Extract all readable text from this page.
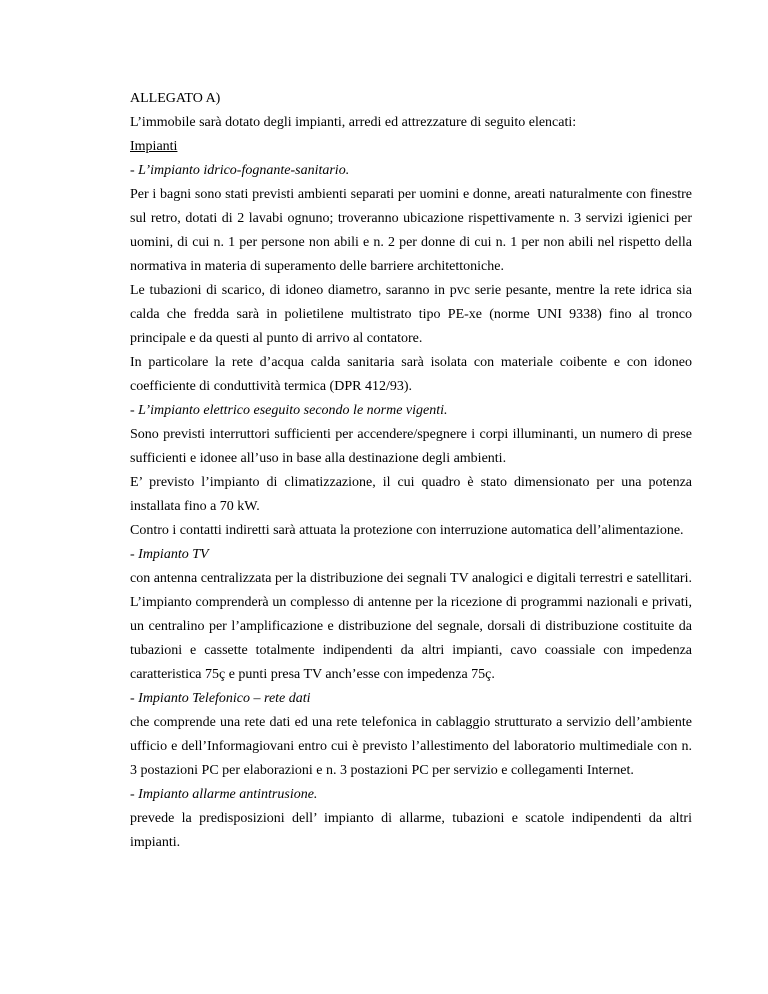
ALLEGATO A)

L’immobile sarà dotato degli impianti, arredi ed attrezzature di seguito elencati:

Impianti

- L’impianto idrico-fognante-sanitario.

Per i bagni sono stati previsti ambienti separati per uomini e donne, areati naturalmente con finestre sul retro, dotati di 2 lavabi ognuno; troveranno ubicazione rispettivamente n. 3 servizi igienici per uomini, di cui n. 1 per persone non abili e n. 2 per donne di cui n. 1 per non abili nel rispetto della normativa in materia di superamento delle barriere architettoniche.

Le tubazioni di scarico, di idoneo diametro, saranno in pvc serie pesante, mentre la rete idrica sia calda che fredda sarà in polietilene multistrato tipo PE-xe (norme UNI 9338) fino al tronco principale e da questi al punto di arrivo al contatore.

In particolare la rete d’acqua calda sanitaria sarà isolata con materiale coibente e con idoneo coefficiente di conduttività termica (DPR 412/93).

- L’impianto elettrico eseguito secondo le norme vigenti.

Sono previsti interruttori sufficienti per accendere/spegnere i corpi illuminanti, un numero di prese sufficienti e idonee all’uso in base alla destinazione degli ambienti.

E’ previsto l’impianto di climatizzazione, il cui quadro è stato dimensionato per una potenza installata fino a 70 kW.

Contro i contatti indiretti sarà attuata la protezione con interruzione automatica dell’alimentazione.

- Impianto TV

con antenna centralizzata per la distribuzione dei segnali TV analogici e digitali terrestri e satellitari.

L’impianto comprenderà un complesso di antenne per la ricezione di programmi nazionali e privati, un centralino per l’amplificazione e distribuzione del segnale, dorsali di distribuzione costituite da tubazioni e cassette totalmente indipendenti da altri impianti, cavo coassiale con impedenza caratteristica 75ç e punti presa TV anch’esse con impedenza 75ç.

- Impianto Telefonico – rete dati

che comprende una rete dati ed una rete telefonica in cablaggio strutturato a servizio dell’ambiente ufficio e dell’Informagiovani entro cui è previsto l’allestimento del laboratorio multimediale con n. 3 postazioni PC per elaborazioni e n. 3 postazioni PC per servizio e collegamenti Internet.

- Impianto allarme antintrusione.

prevede la predisposizioni dell’ impianto di allarme, tubazioni e scatole indipendenti da altri impianti.
